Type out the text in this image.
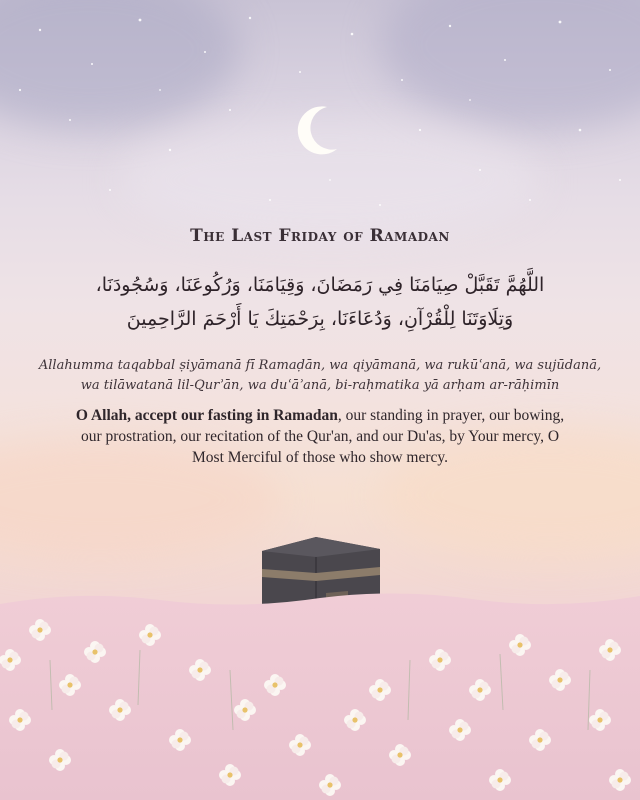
The Last Friday of Ramadan
اللَّهُمَّ تَقَبَّلْ صِيَامَنَا فِي رَمَضَانَ، وَقِيَامَنَا، وَرُكُوعَنَا، وَسُجُودَنَا،
وَتِلَاوَتَنَا لِلْقُرْآنِ، وَدُعَاءَنَا، بِرَحْمَتِكَ يَا أَرْحَمَ الرَّاحِمِينَ
Allahumma taqabbal ṣiyāmanā fī Ramaḍān, wa qiyāmanā, wa rukūʿanā, wa sujūdanā,
wa tilāwatanā lil-Qurʾān, wa duʿāʾanā, bi-raḥmatika yā arḥam ar-rāḥimīn
O Allah, accept our fasting in Ramadan, our standing in prayer, our bowing, our prostration, our recitation of the Qur'an, and our Du'as, by Your mercy, O Most Merciful of those who show mercy.
